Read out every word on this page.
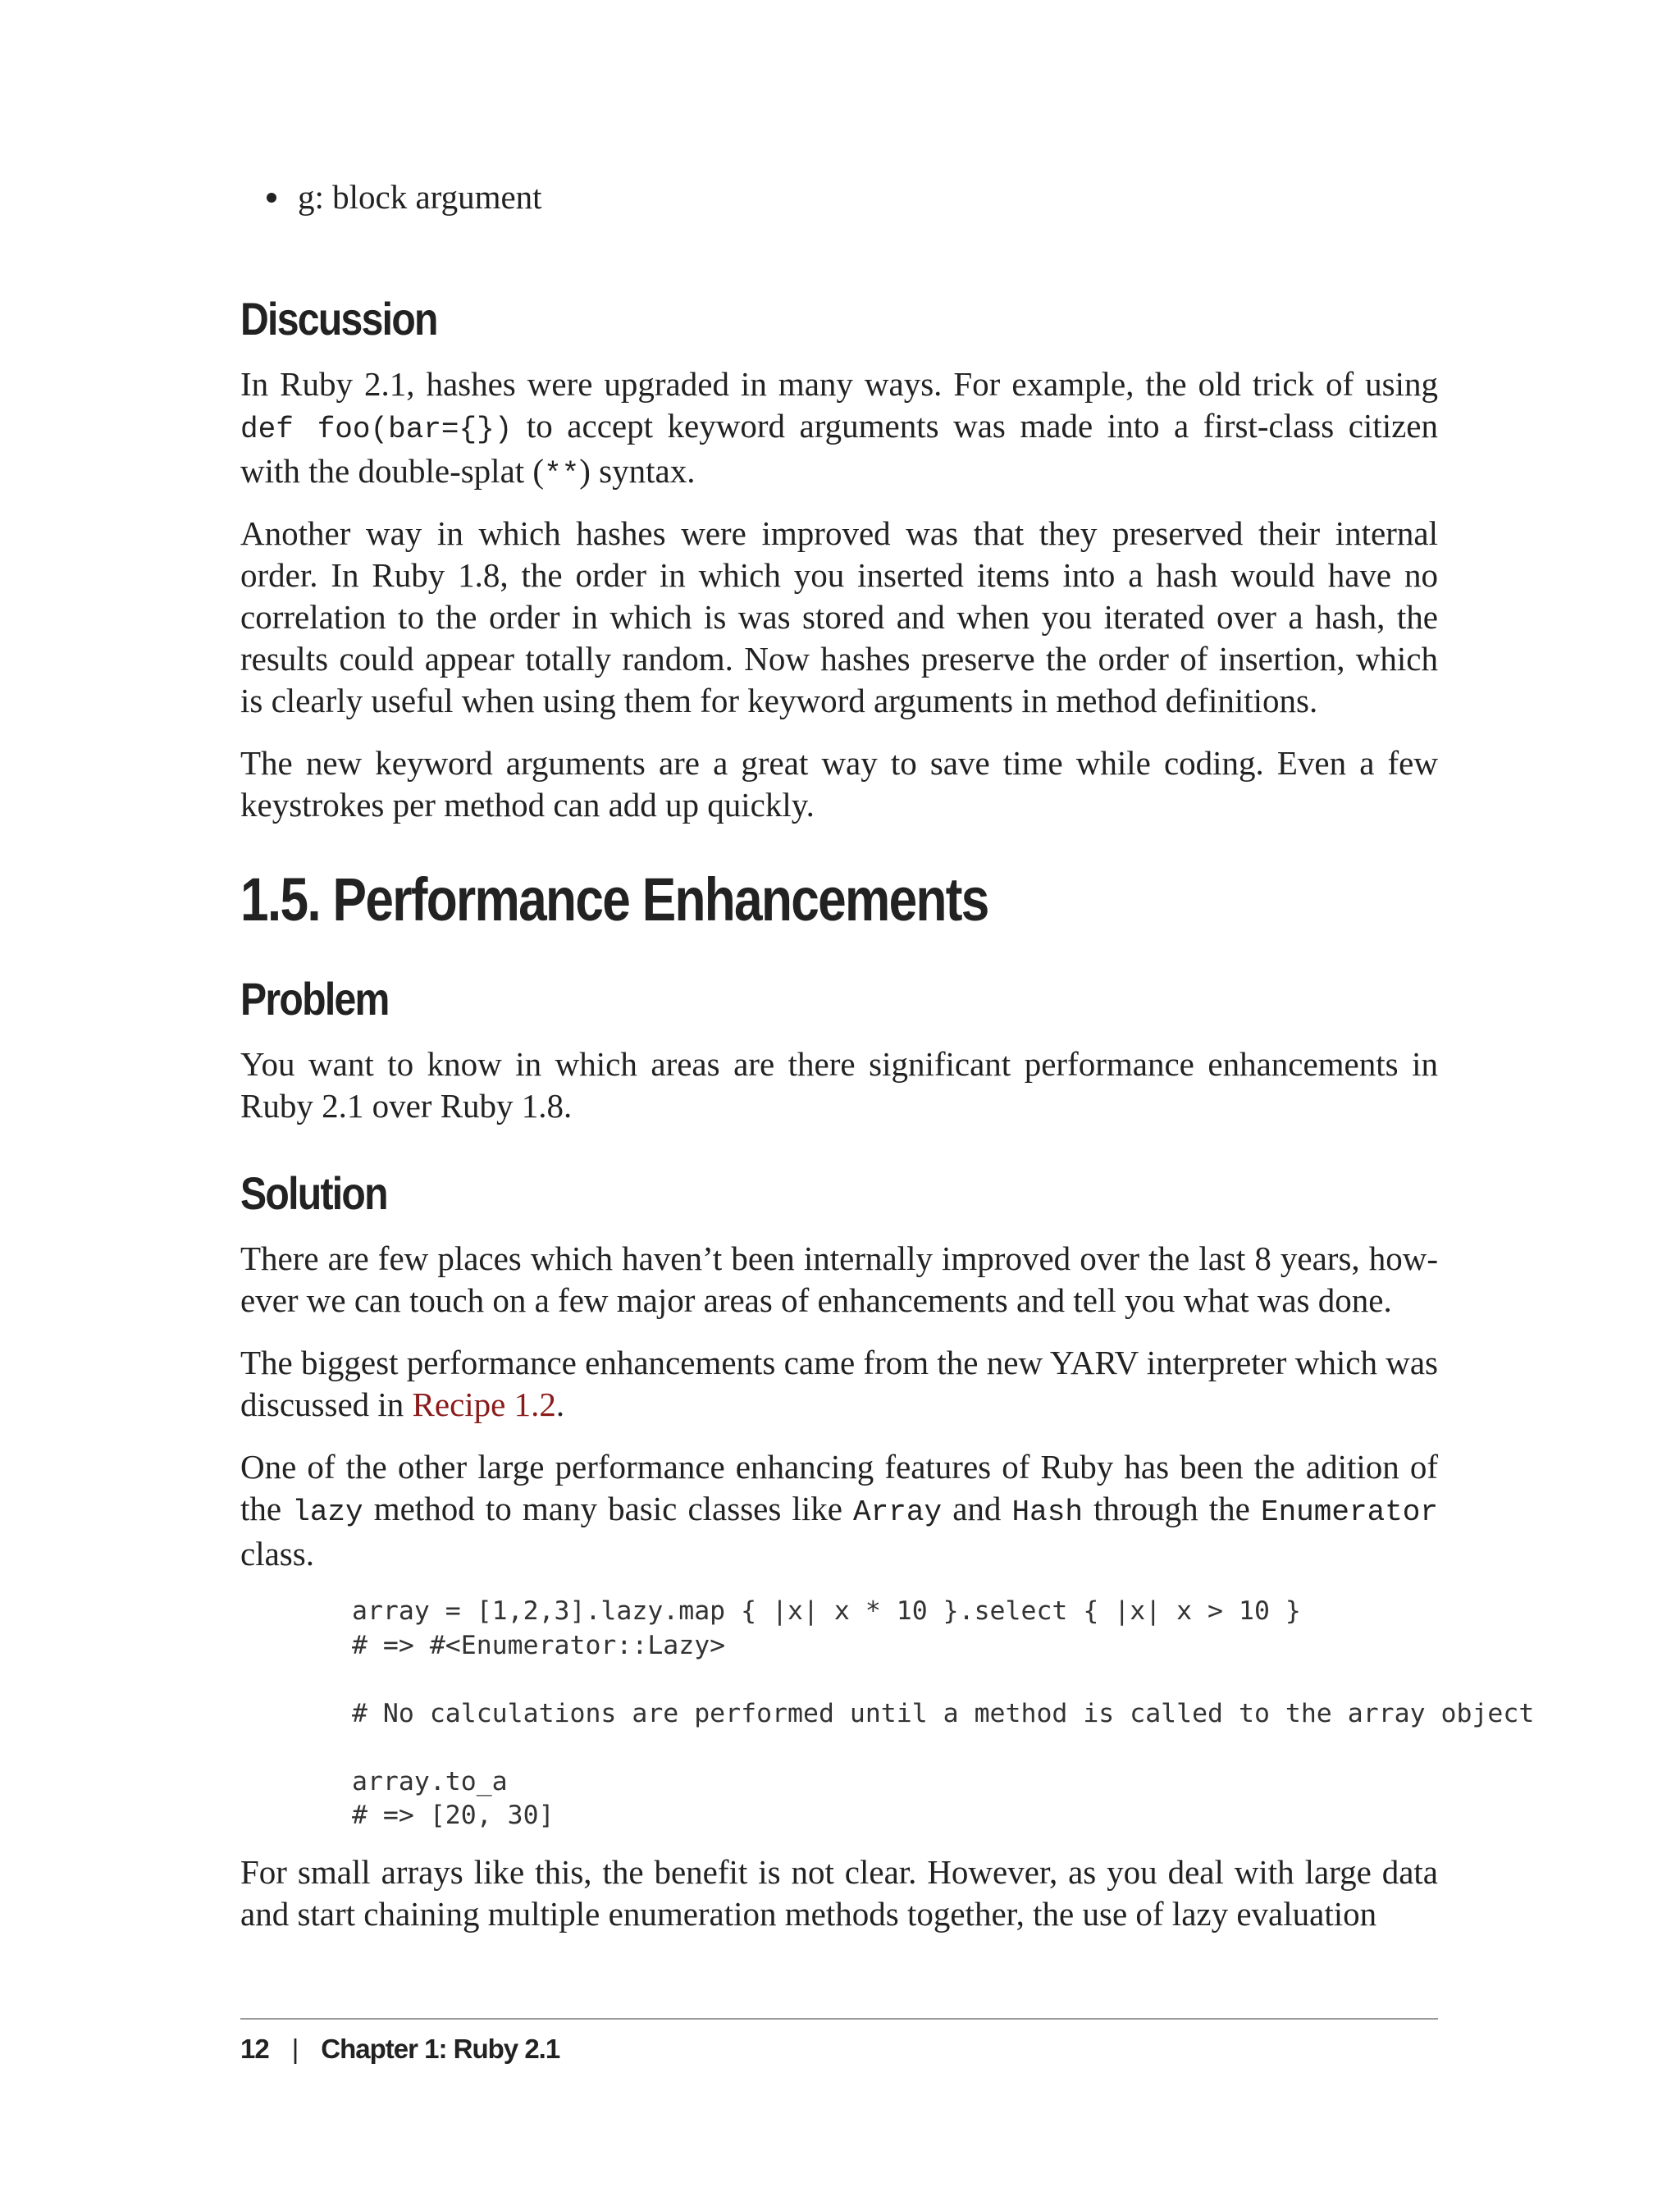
g: block argument
Discussion

In Ruby 2.1, hashes were upgraded in many ways. For example, the old trick of using def foo(bar={}) to accept keyword arguments was made into a first-class citizen with the double-splat (**) syntax.

Another way in which hashes were improved was that they preserved their internal order. In Ruby 1.8, the order in which you inserted items into a hash would have no correlation to the order in which is was stored and when you iterated over a hash, the results could appear totally random. Now hashes preserve the order of insertion, which is clearly useful when using them for keyword arguments in method definitions.

The new keyword arguments are a great way to save time while coding. Even a few keystrokes per method can add up quickly.

1.5. Performance Enhancements
Problem

You want to know in which areas are there significant performance enhancements in Ruby 2.1 over Ruby 1.8.

Solution

There are few places which haven’t been internally improved over the last 8 years, however we can touch on a few major areas of enhancements and tell you what was done.

The biggest performance enhancements came from the new YARV interpreter which was discussed in Recipe 1.2.

One of the other large performance enhancing features of Ruby has been the adition of the lazy method to many basic classes like Array and Hash through the Enumerator class.

array = [1,2,3].lazy.map { |x| x * 10 }.select { |x| x > 10 }
# => #<Enumerator::Lazy>

# No calculations are performed until a method is called to the array object

array.to_a
# => [20, 30]

For small arrays like this, the benefit is not clear. However, as you deal with large data and start chaining multiple enumeration methods together, the use of lazy evaluation

12 | Chapter 1: Ruby 2.1
